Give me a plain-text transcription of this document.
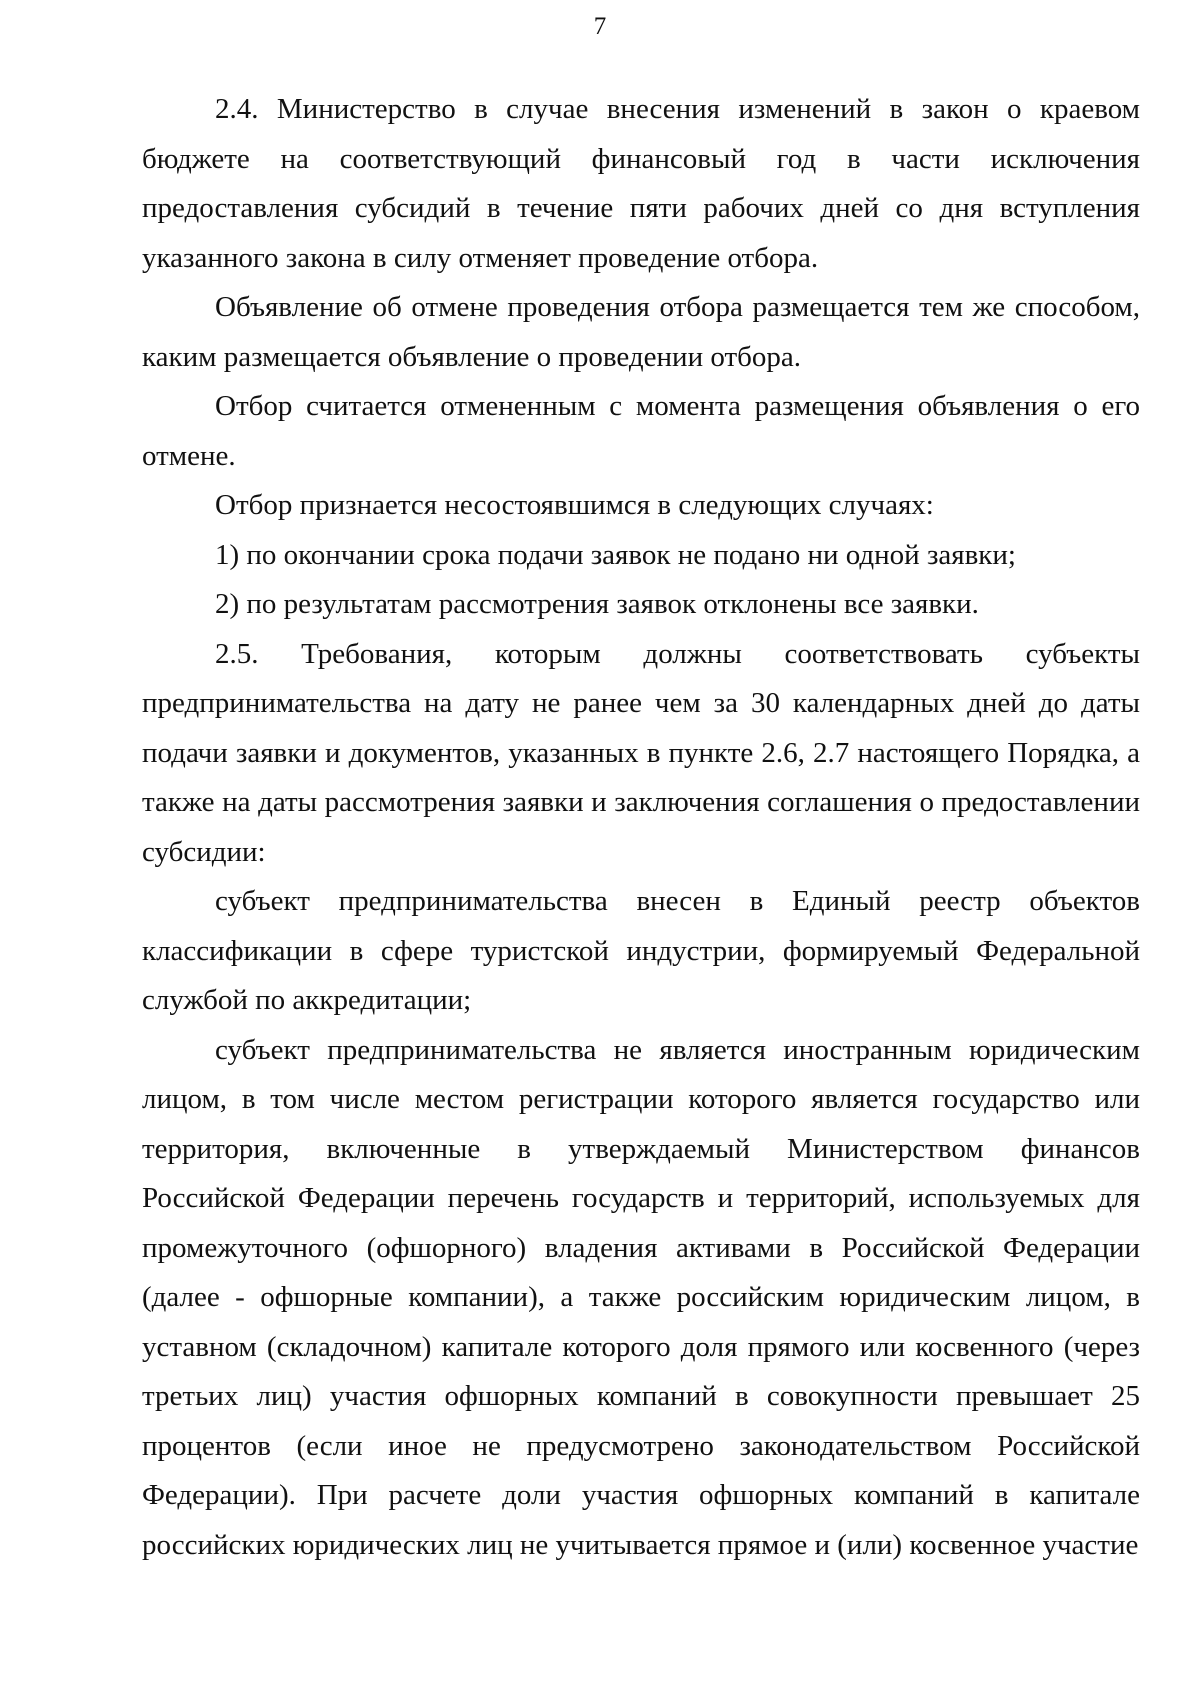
7

2.4. Министерство в случае внесения изменений в закон о краевом бюджете на соответствующий финансовый год в части исключения предоставления субсидий в течение пяти рабочих дней со дня вступления указанного закона в силу отменяет проведение отбора.

Объявление об отмене проведения отбора размещается тем же способом, каким размещается объявление о проведении отбора.

Отбор считается отмененным с момента размещения объявления о его отмене.

Отбор признается несостоявшимся в следующих случаях:

1) по окончании срока подачи заявок не подано ни одной заявки;

2) по результатам рассмотрения заявок отклонены все заявки.

2.5. Требования, которым должны соответствовать субъекты предпринимательства на дату не ранее чем за 30 календарных дней до даты подачи заявки и документов, указанных в пункте 2.6, 2.7 настоящего Порядка, а также на даты рассмотрения заявки и заключения соглашения о предоставлении субсидии:

субъект предпринимательства внесен в Единый реестр объектов классификации в сфере туристской индустрии, формируемый Федеральной службой по аккредитации;

субъект предпринимательства не является иностранным юридическим лицом, в том числе местом регистрации которого является государство или территория, включенные в утверждаемый Министерством финансов Российской Федерации перечень государств и территорий, используемых для промежуточного (офшорного) владения активами в Российской Федерации (далее - офшорные компании), а также российским юридическим лицом, в уставном (складочном) капитале которого доля прямого или косвенного (через третьих лиц) участия офшорных компаний в совокупности превышает 25 процентов (если иное не предусмотрено законодательством Российской Федерации). При расчете доли участия офшорных компаний в капитале российских юридических лиц не учитывается прямое и (или) косвенное участие
